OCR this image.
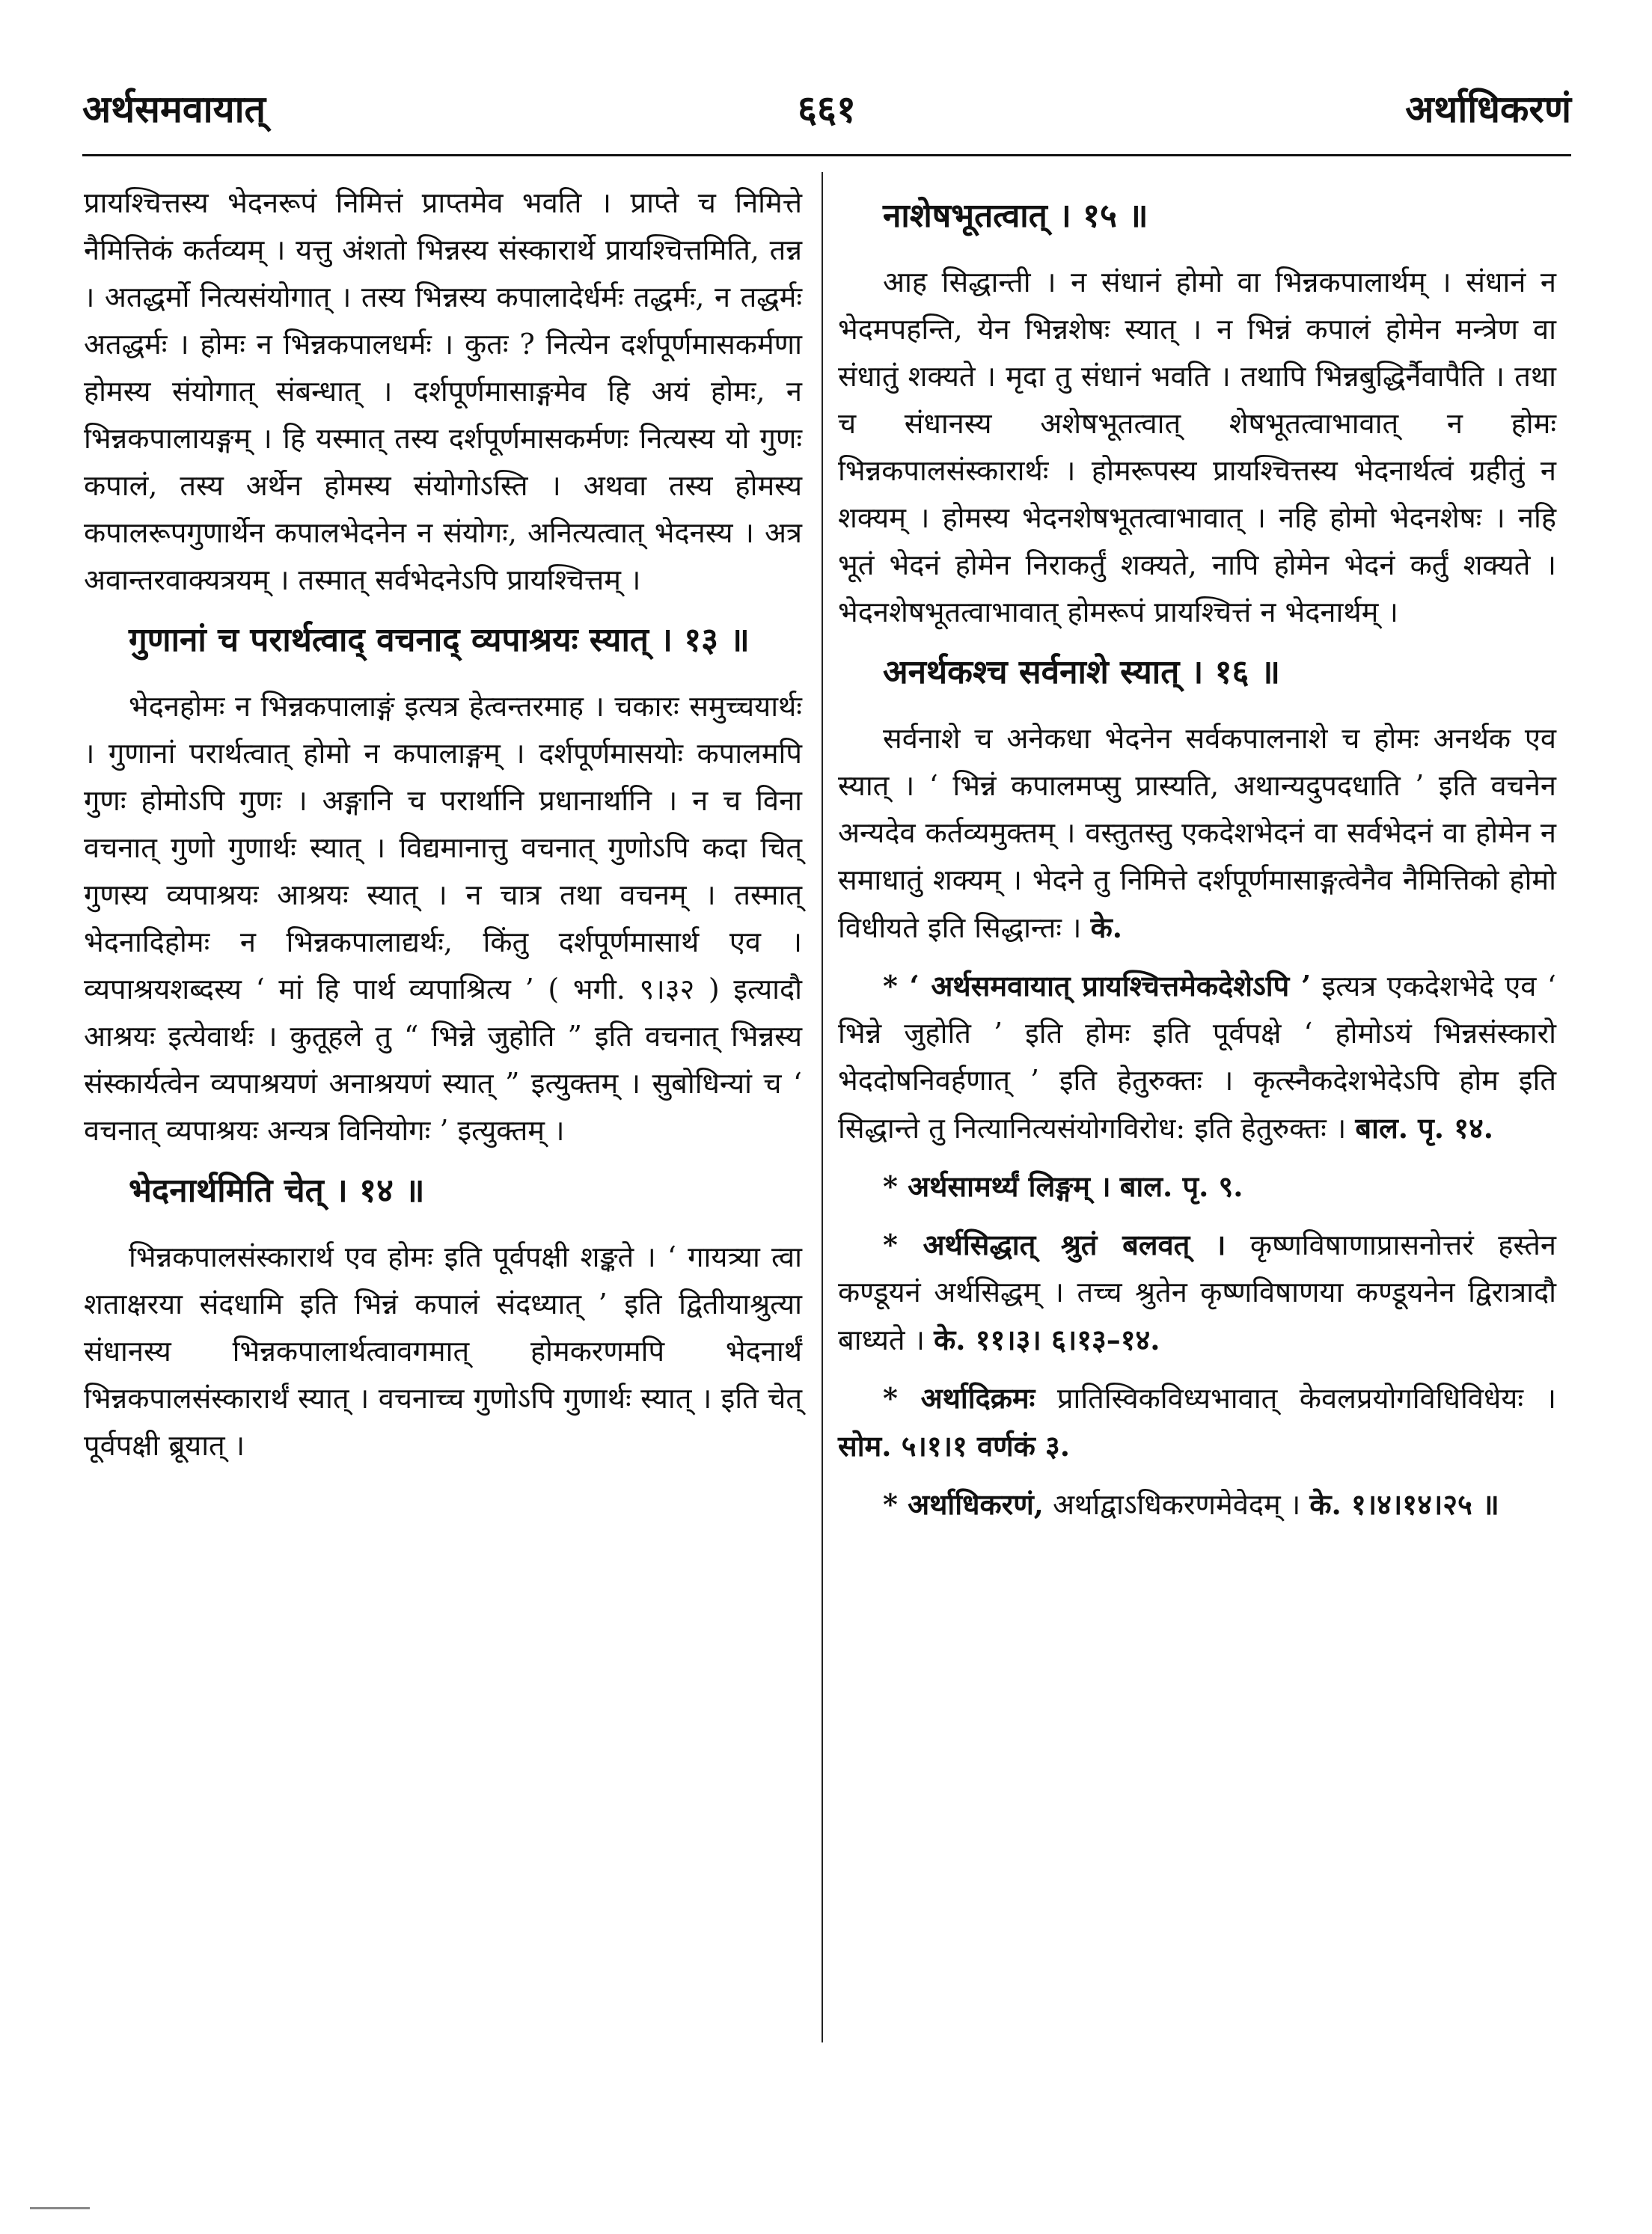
६६१
अर्थसमवायात्	अर्थाधिकरणं

प्रायश्चित्तस्य भेदनरूपं निमित्तं प्राप्तमेव भवति । प्राप्ते च निमित्ते नैमित्तिकं कर्तव्यम् । यत्तु अंशतो भिन्नस्य संस्कारार्थे प्रायश्चित्तमिति, तन्न । अतद्धर्मो नित्यसंयोगात् । तस्य भिन्नस्य कपालादेर्धर्मः तद्धर्मः, न तद्धर्मः अतद्धर्मः । होमः न भिन्नकपालधर्मः । कुतः ? नित्येन दर्शपूर्णमासकर्मणा होमस्य संयोगात् संबन्धात् । दर्शपूर्णमासाङ्गमेव हि अयं होमः, न भिन्नकपालायङ्गम् । हि यस्मात् तस्य दर्शपूर्णमासकर्मणः नित्यस्य यो गुणः कपालं, तस्य अर्थेन होमस्य संयोगोऽस्ति । अथवा तस्य होमस्य कपालरूपगुणार्थेन कपालभेदनेन न संयोगः, अनित्यत्वात् भेदनस्य । अत्र अवान्तरवाक्यत्रयम् । तस्मात् सर्वभेदनेऽपि प्रायश्चित्तम् ।

गुणानां च परार्थत्वाद् वचनाद् व्यपाश्रयः स्यात् । १३ ॥

भेदनहोमः न भिन्नकपालाङ्गं इत्यत्र हेत्वन्तरमाह । चकारः समुच्चयार्थः । गुणानां परार्थत्वात् होमो न कपालाङ्गम् । दर्शपूर्णमासयोः कपालमपि गुणः होमोऽपि गुणः । अङ्गानि च परार्थानि प्रधानार्थानि । न च विना वचनात् गुणो गुणार्थः स्यात् । विद्यमानात्तु वचनात् गुणोऽपि कदा चित् गुणस्य व्यपाश्रयः आश्रयः स्यात् । न चात्र तथा वचनम् । तस्मात् भेदनादिहोमः न भिन्नकपालाद्यर्थः, किंतु दर्शपूर्णमासार्थ एव । व्यपाश्रयशब्दस्य ‘ मां हि पार्थ व्यपाश्रित्य ’ ( भगी. ९।३२ ) इत्यादौ आश्रयः इत्येवार्थः । कुतूहले तु “ भिन्ने जुहोति ” इति वचनात् भिन्नस्य संस्कार्यत्वेन व्यपाश्रयणं अनाश्रयणं स्यात् ” इत्युक्तम् । सुबोधिन्यां च ‘ वचनात् व्यपाश्रयः अन्यत्र विनियोगः ’ इत्युक्तम् ।

भेदनार्थमिति चेत् । १४ ॥

भिन्नकपालसंस्कारार्थ एव होमः इति पूर्वपक्षी शङ्कते । ‘ गायत्र्या त्वा शताक्षरया संदधामि इति भिन्नं कपालं संदध्यात् ’ इति द्वितीयाश्रुत्या संधानस्य भिन्नकपालार्थत्वावगमात् होमकरणमपि भेदनार्थं भिन्नकपालसंस्कारार्थं स्यात् । वचनाच्च गुणोऽपि गुणार्थः स्यात् । इति चेत् पूर्वपक्षी ब्रूयात् ।

नाशेषभूतत्वात् । १५ ॥

आह सिद्धान्ती । न संधानं होमो वा भिन्नकपालार्थम् । संधानं न भेदमपहन्ति, येन भिन्नशेषः स्यात् । न भिन्नं कपालं होमेन मन्त्रेण वा संधातुं शक्यते । मृदा तु संधानं भवति । तथापि भिन्नबुद्धिर्नैवापैति । तथा च संधानस्य अशेषभूतत्वात् शेषभूतत्वाभावात् न होमः भिन्नकपालसंस्कारार्थः । होमरूपस्य प्रायश्चित्तस्य भेदनार्थत्वं ग्रहीतुं न शक्यम् । होमस्य भेदनशेषभूतत्वाभावात् । नहि होमो भेदनशेषः । नहि भूतं भेदनं होमेन निराकर्तुं शक्यते, नापि होमेन भेदनं कर्तुं शक्यते । भेदनशेषभूतत्वाभावात् होमरूपं प्रायश्चित्तं न भेदनार्थम् ।

अनर्थकश्च सर्वनाशे स्यात् । १६ ॥

सर्वनाशे च अनेकधा भेदनेन सर्वकपालनाशे च होमः अनर्थक एव स्यात् । ‘ भिन्नं कपालमप्सु प्रास्यति, अथान्यदुपदधाति ’ इति वचनेन अन्यदेव कर्तव्यमुक्तम् । वस्तुतस्तु एकदेशभेदनं वा सर्वभेदनं वा होमेन न समाधातुं शक्यम् । भेदने तु निमित्ते दर्शपूर्णमासाङ्गत्वेनैव नैमित्तिको होमो विधीयते इति सिद्धान्तः । के.

* ‘ अर्थसमवायात् प्रायश्चित्तमेकदेशेऽपि ’ इत्यत्र एकदेशभेदे एव ‘ भिन्ने जुहोति ’ इति होमः इति पूर्वपक्षे ‘ होमोऽयं भिन्नसंस्कारो भेददोषनिवर्हणात् ’ इति हेतुरुक्तः । कृत्स्नैकदेशभेदेऽपि होम इति सिद्धान्ते तु नित्यानित्यसंयोगविरोध: इति हेतुरुक्तः । बाल. पृ. १४.

* अर्थसामर्थ्यं लिङ्गम् । बाल. पृ. ९.

* अर्थसिद्धात् श्रुतं बलवत् । कृष्णविषाणाप्रासनोत्तरं हस्तेन कण्डूयनं अर्थसिद्धम् । तच्च श्रुतेन कृष्णविषाणया कण्डूयनेन द्विरात्रादौ बाध्यते । के. ११।३। ६।१३–१४.

* अर्थादिक्रमः प्रातिस्विकविध्यभावात् केवलप्रयोगविधिविधेयः । सोम. ५।१।१ वर्णकं ३.

* अर्थाधिकरणं, अर्थाद्वाऽधिकरणमेवेदम् । के. १।४।१४।२५ ॥
